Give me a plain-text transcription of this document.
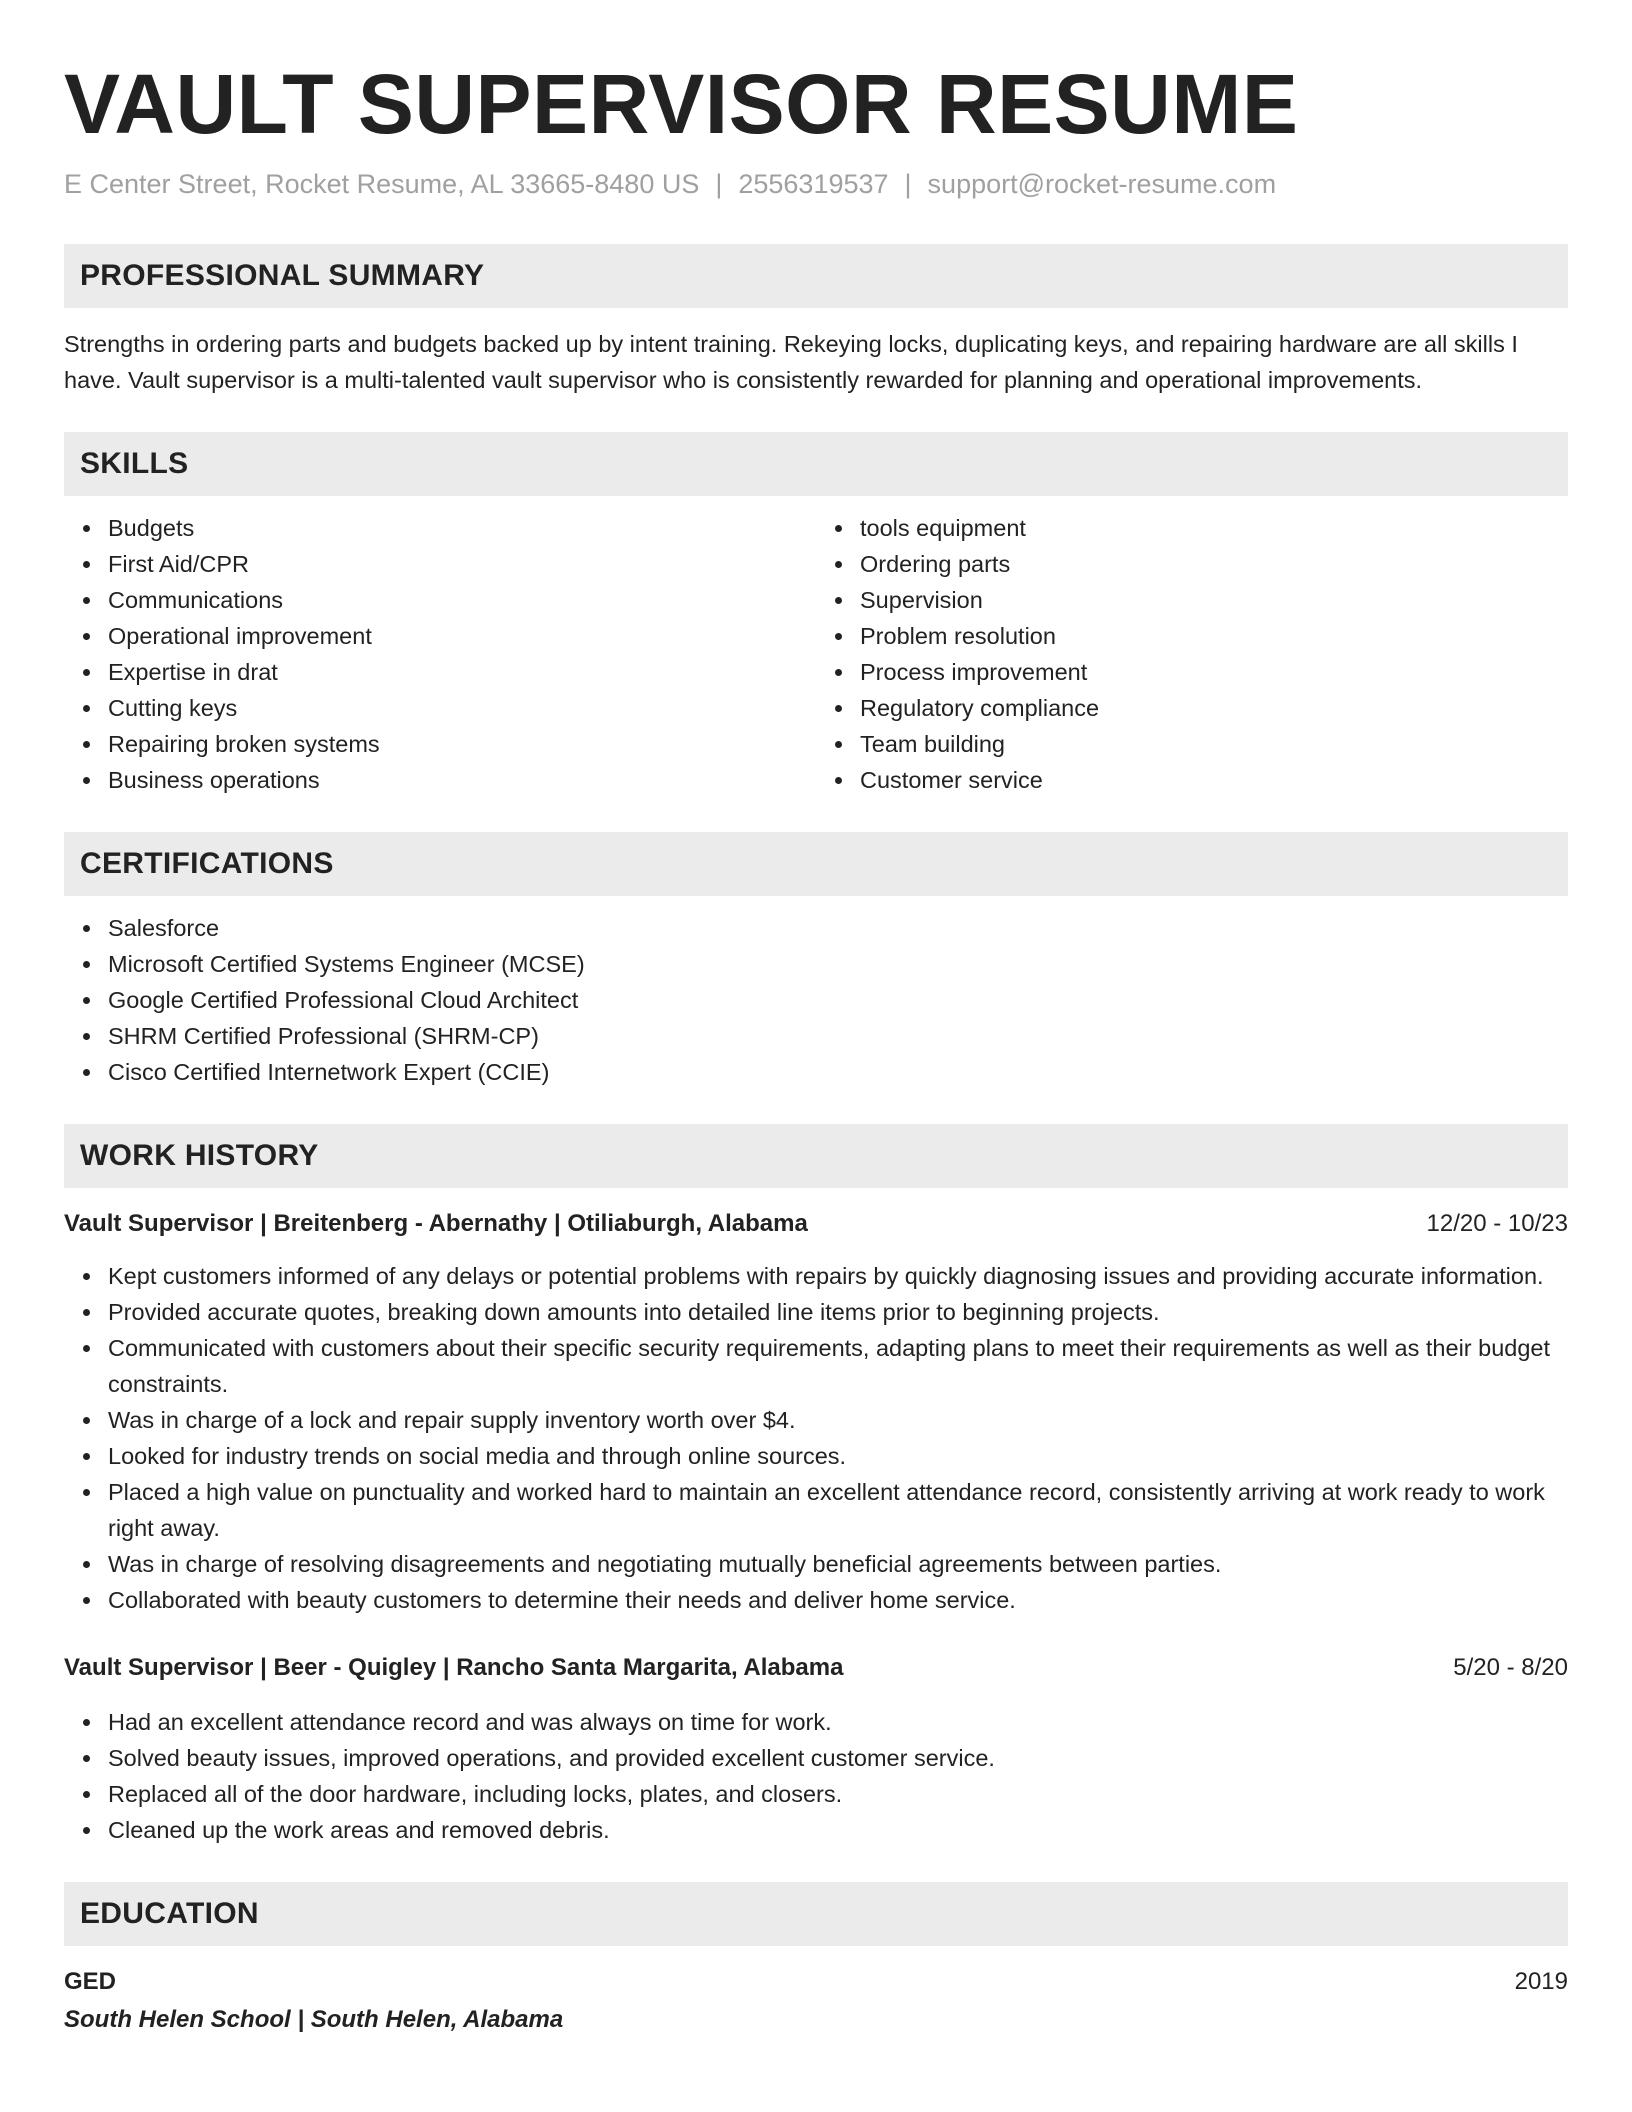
VAULT SUPERVISOR RESUME
E Center Street, Rocket Resume, AL 33665-8480 US | 2556319537 | support@rocket-resume.com
PROFESSIONAL SUMMARY

Strengths in ordering parts and budgets backed up by intent training. Rekeying locks, duplicating keys, and repairing hardware are all skills I have. Vault supervisor is a multi-talented vault supervisor who is consistently rewarded for planning and operational improvements.

SKILLS
Budgets
First Aid/CPR
Communications
Operational improvement
Expertise in drat
Cutting keys
Repairing broken systems
Business operations
tools equipment
Ordering parts
Supervision
Problem resolution
Process improvement
Regulatory compliance
Team building
Customer service
CERTIFICATIONS
Salesforce
Microsoft Certified Systems Engineer (MCSE)
Google Certified Professional Cloud Architect
SHRM Certified Professional (SHRM-CP)
Cisco Certified Internetwork Expert (CCIE)
WORK HISTORY
Vault Supervisor | Breitenberg - Abernathy | Otiliaburgh, Alabama	12/20 - 10/23
Kept customers informed of any delays or potential problems with repairs by quickly diagnosing issues and providing accurate information.
Provided accurate quotes, breaking down amounts into detailed line items prior to beginning projects.
Communicated with customers about their specific security requirements, adapting plans to meet their requirements as well as their budget constraints.
Was in charge of a lock and repair supply inventory worth over $4.
Looked for industry trends on social media and through online sources.
Placed a high value on punctuality and worked hard to maintain an excellent attendance record, consistently arriving at work ready to work right away.
Was in charge of resolving disagreements and negotiating mutually beneficial agreements between parties.
Collaborated with beauty customers to determine their needs and deliver home service.
Vault Supervisor | Beer - Quigley | Rancho Santa Margarita, Alabama	5/20 - 8/20
Had an excellent attendance record and was always on time for work.
Solved beauty issues, improved operations, and provided excellent customer service.
Replaced all of the door hardware, including locks, plates, and closers.
Cleaned up the work areas and removed debris.
EDUCATION
GED	2019
South Helen School | South Helen, Alabama
